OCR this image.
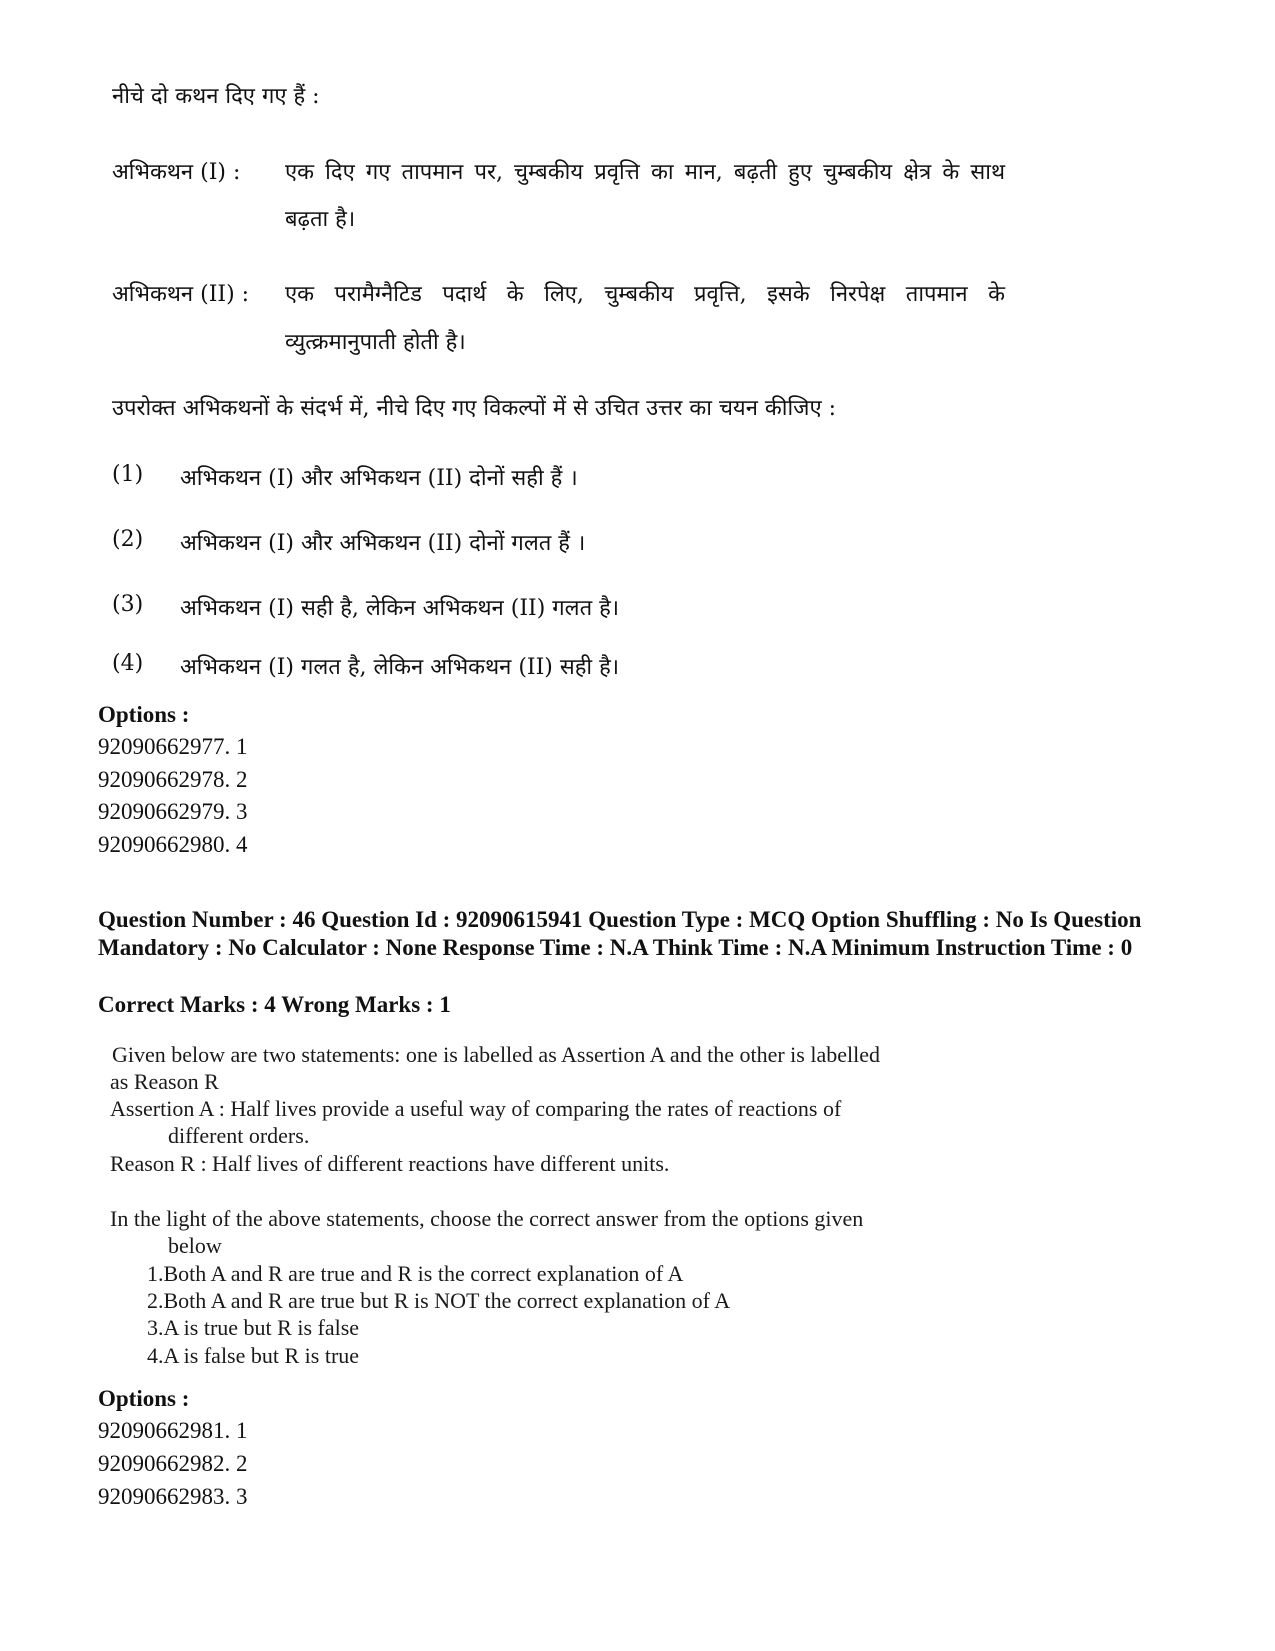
नीचे दो कथन दिए गए हैं :
अभिकथन (I) : एक दिए गए तापमान पर, चुम्बकीय प्रवृत्ति का मान, बढ़ती हुए चुम्बकीय क्षेत्र के साथ
बढ़ता है।
अभिकथन (II) : एक परामैग्नैटिड पदार्थ के लिए, चुम्बकीय प्रवृत्ति, इसके निरपेक्ष तापमान के
व्युत्क्रमानुपाती होती है।
उपरोक्त अभिकथनों के संदर्भ में, नीचे दिए गए विकल्पों में से उचित उत्तर का चयन कीजिए :
(1) अभिकथन (I) और अभिकथन (II) दोनों सही हैं ।
(2) अभिकथन (I) और अभिकथन (II) दोनों गलत हैं ।
(3) अभिकथन (I) सही है, लेकिन अभिकथन (II) गलत है।
(4) अभिकथन (I) गलत है, लेकिन अभिकथन (II) सही है।
Options :
92090662977. 1
92090662978. 2
92090662979. 3
92090662980. 4
Question Number : 46 Question Id : 92090615941 Question Type : MCQ Option Shuffling : No Is Question Mandatory : No Calculator : None Response Time : N.A Think Time : N.A Minimum Instruction Time : 0
Correct Marks : 4 Wrong Marks : 1
Given below are two statements: one is labelled as Assertion A and the other is labelled
as Reason R
Assertion A : Half lives provide a useful way of comparing the rates of reactions of
different orders.
Reason R : Half lives of different reactions have different units.
In the light of the above statements, choose the correct answer from the options given
below
1.Both A and R are true and R is the correct explanation of A
2.Both A and R are true but R is NOT the correct explanation of A
3.A is true but R is false
4.A is false but R is true
Options :
92090662981. 1
92090662982. 2
92090662983. 3
